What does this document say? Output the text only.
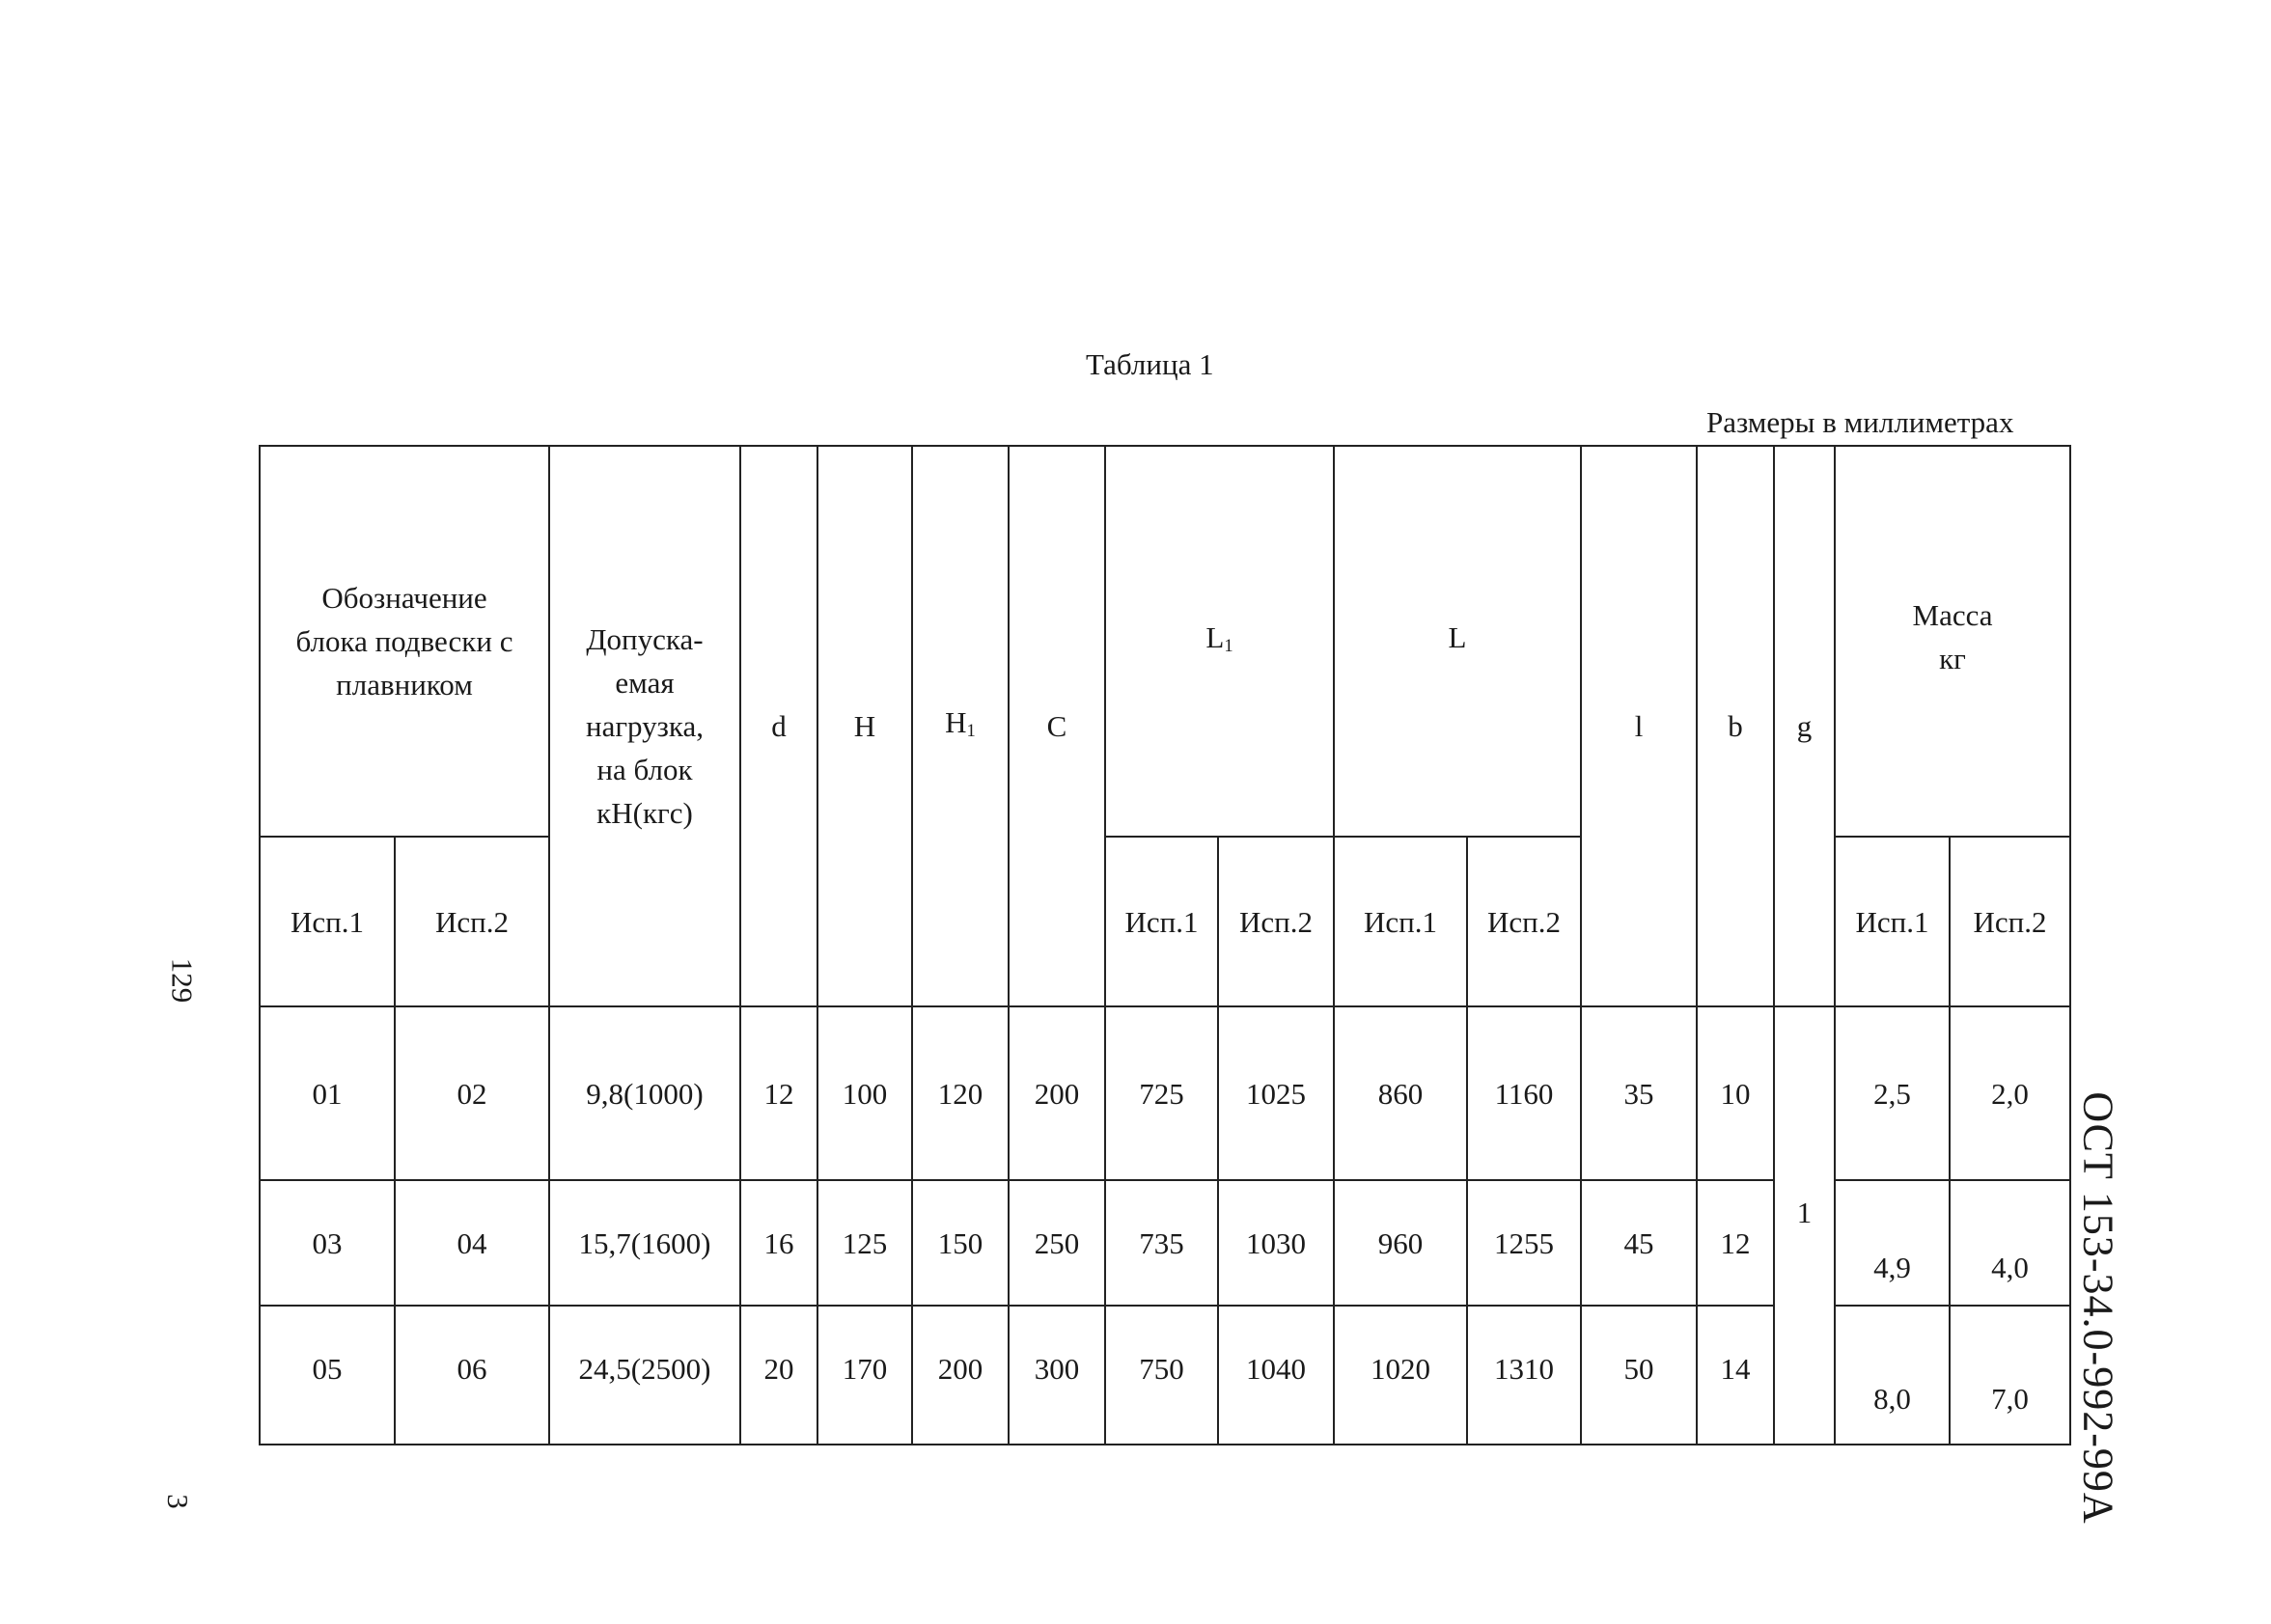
Таблица 1
Размеры в миллиметрах
Обозначение блока подвески с плавником		Допуска-емая нагрузка, на блок кН(кгс)	d	H	$H_1$	C	$L_1$		L		l	b	g	Масса
кг	

Исп.1	Исп.2						Исп.1	Исп.2	Исп.1	Исп.2				Исп.1	Исп.2
01	02	9,8(1000)	12	100	120	200	725	1025	860	1160	35	10	1	2,5	2,0
03	04	15,7(1600)	16	125	150	250	735	1030	960	1255	45	12		4,9	4,0
05	06	24,5(2500)	20	170	200	300	750	1040	1020	1310	50	14		8,0	7,0
129
3	ОСТ 153-34.0-992-99А
